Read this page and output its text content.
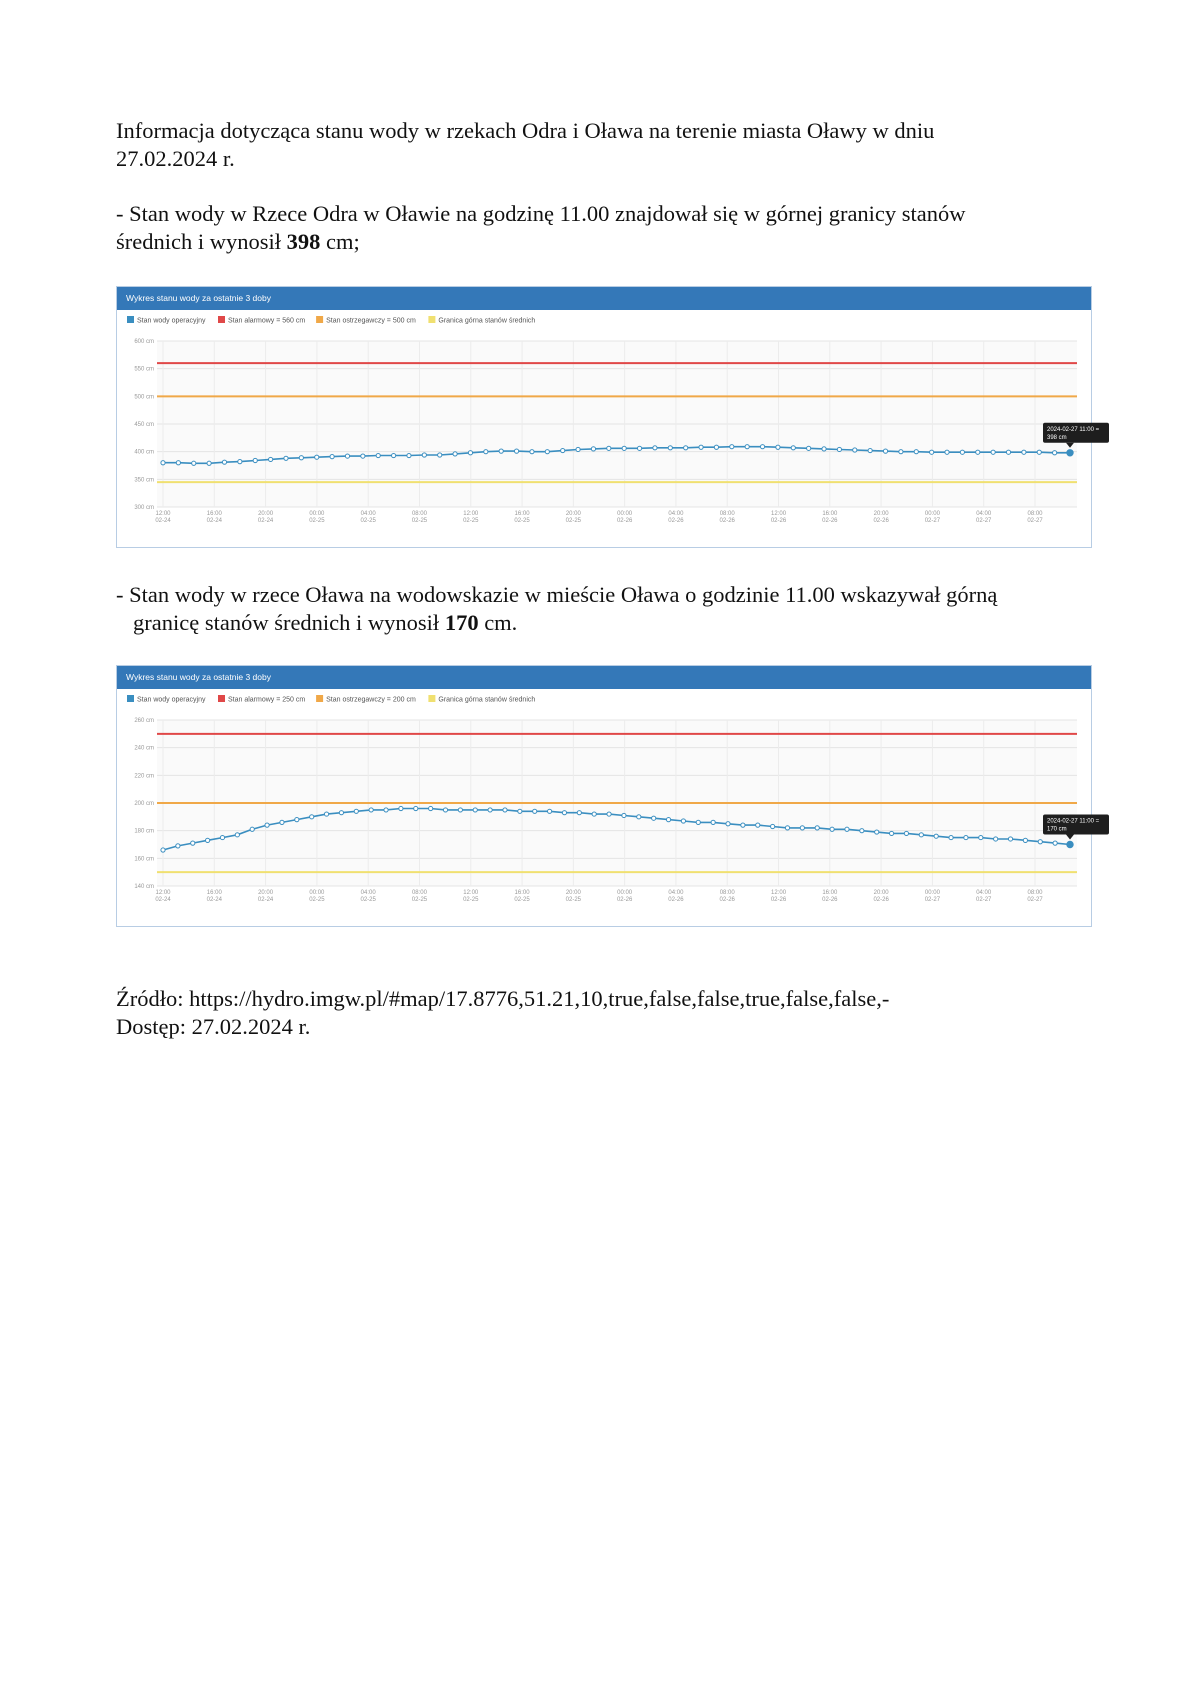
Informacja dotycząca stanu wody w rzekach Odra i Oława na terenie miasta Oławy w dniu
27.02.2024 r.
- Stan wody w Rzece Odra w Oławie na godzinę 11.00 znajdował się w górnej granicy stanów
średnich i wynosił 398 cm;
Wykres stanu wody za ostatnie 3 doby
Stan wody operacyjny	Stan alarmowy = 560 cm	Stan ostrzegawczy = 500 cm	Granica górna stanów średnich
300 cm
350 cm
400 cm
450 cm
500 cm
550 cm
600 cm
12:00
02-24
16:00
02-24
20:00
02-24
00:00
02-25
04:00
02-25
08:00
02-25
12:00
02-25
16:00
02-25
20:00
02-25
00:00
02-26
04:00
02-26
08:00
02-26
12:00
02-26
16:00
02-26
20:00
02-26
00:00
02-27
04:00
02-27
08:00
02-27
2024-02-27 11:00 =
398 cm
- Stan wody w rzece Oława na wodowskazie w mieście Oława o godzinie 11.00 wskazywał górną
granicę stanów średnich i wynosił 170 cm.
Wykres stanu wody za ostatnie 3 doby
Stan wody operacyjny	Stan alarmowy = 250 cm	Stan ostrzegawczy = 200 cm	Granica górna stanów średnich
140 cm
160 cm
180 cm
200 cm
220 cm
240 cm
260 cm
12:00
02-24
16:00
02-24
20:00
02-24
00:00
02-25
04:00
02-25
08:00
02-25
12:00
02-25
16:00
02-25
20:00
02-25
00:00
02-26
04:00
02-26
08:00
02-26
12:00
02-26
16:00
02-26
20:00
02-26
00:00
02-27
04:00
02-27
08:00
02-27
2024-02-27 11:00 =
170 cm
Źródło: https://hydro.imgw.pl/#map/17.8776,51.21,10,true,false,false,true,false,false,-
Dostęp: 27.02.2024 r.
